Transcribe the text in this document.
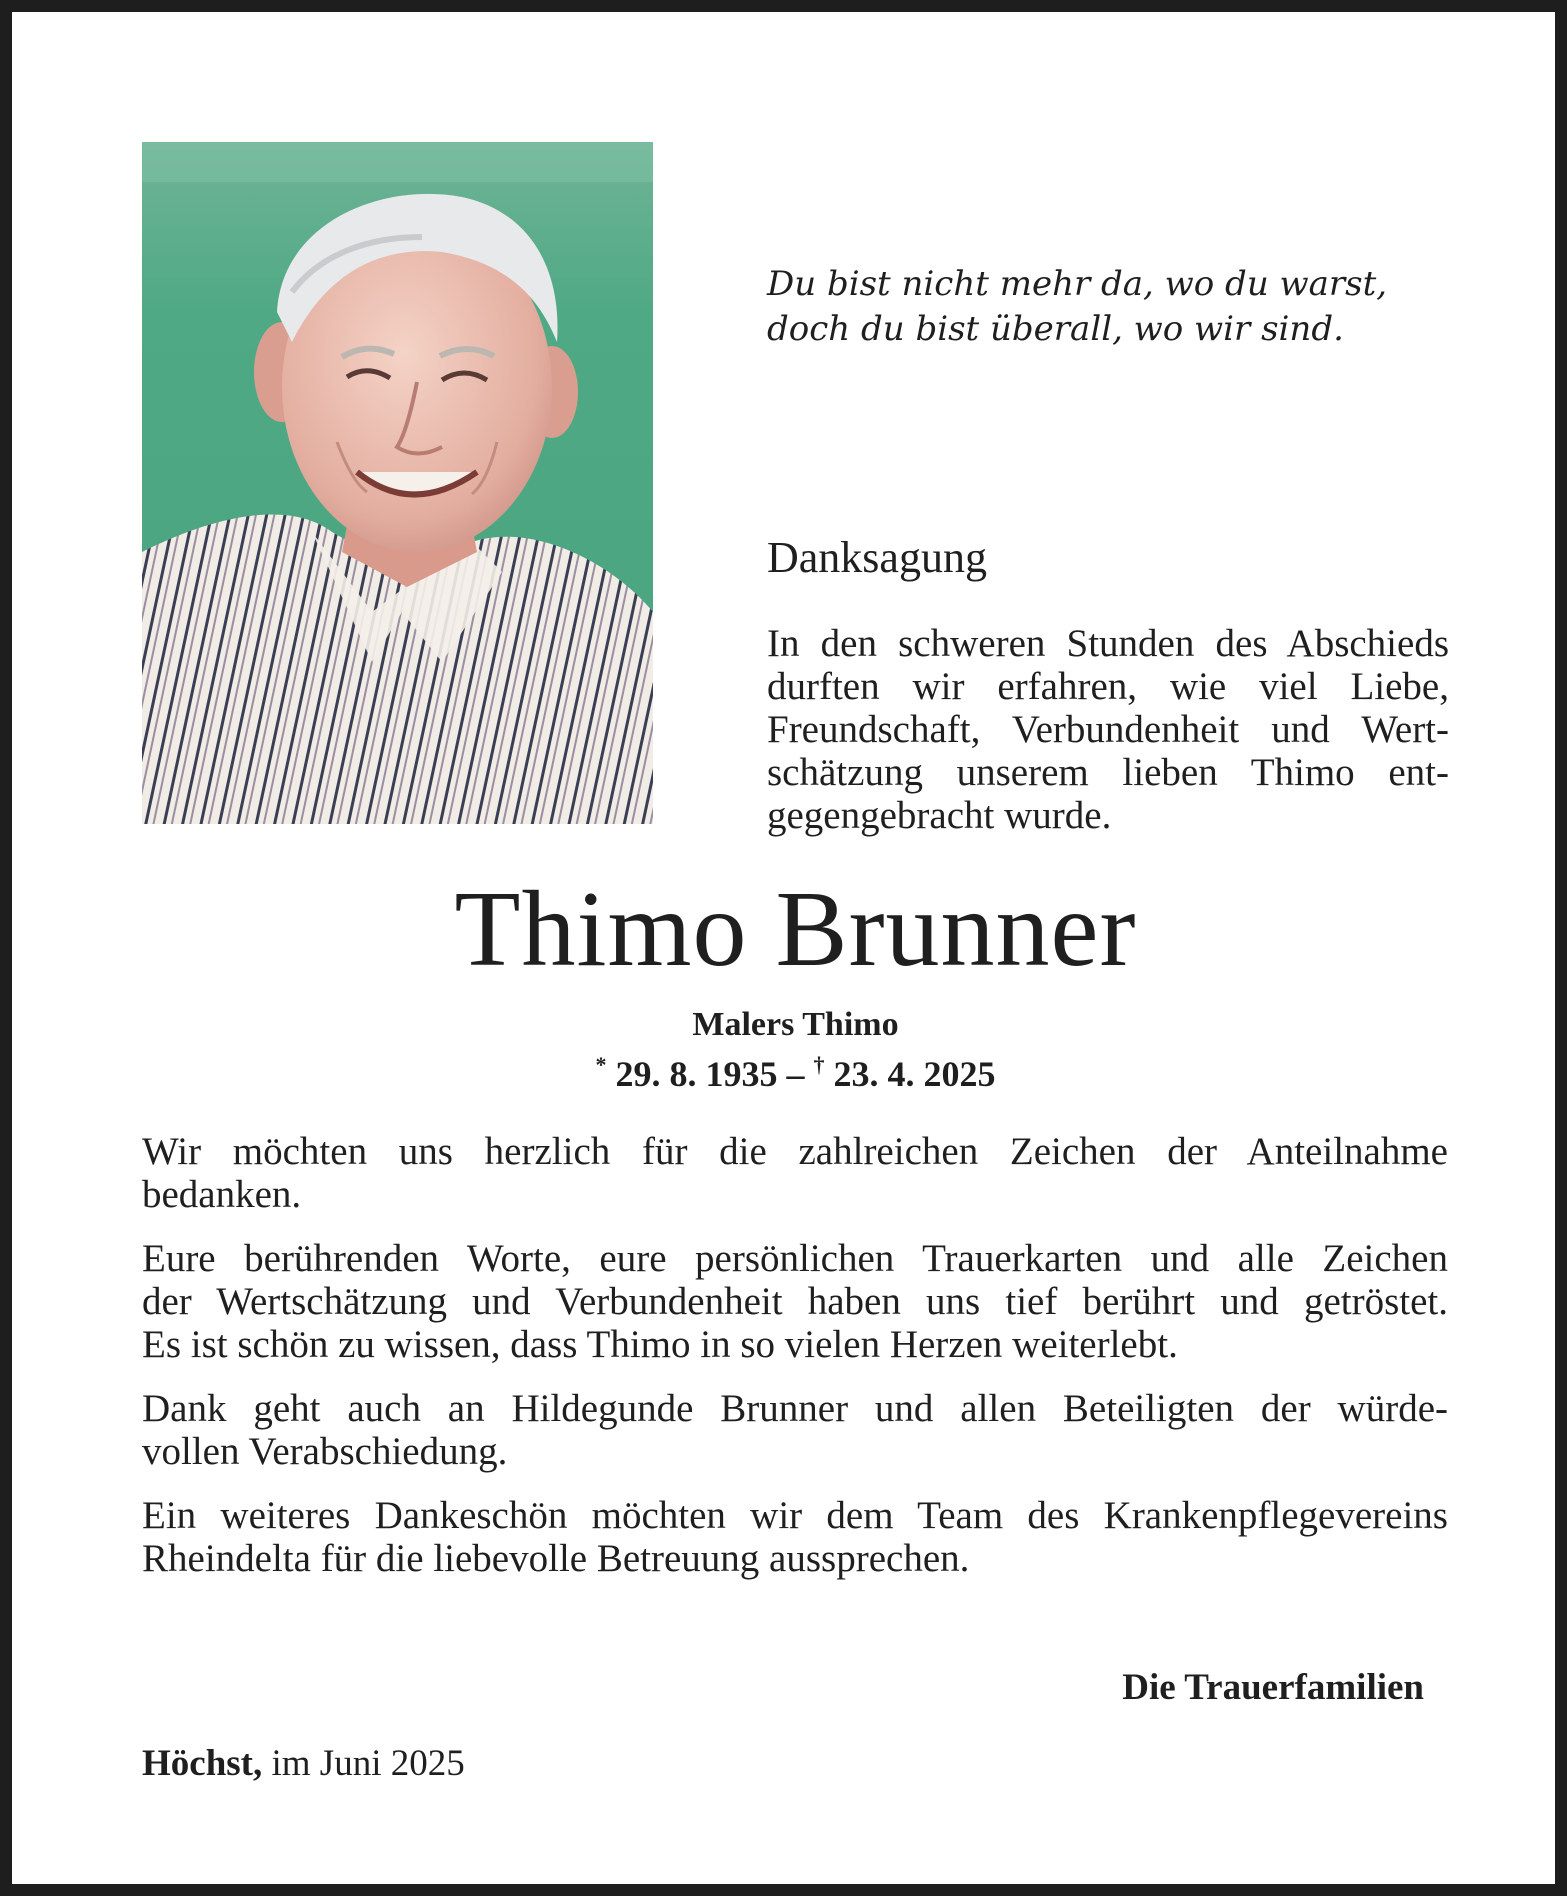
Du bist nicht mehr da, wo du warst,
doch du bist überall, wo wir sind.
Danksagung
In den schweren Stunden des Abschieds
durften wir erfahren, wie viel Liebe,
Freundschaft, Verbundenheit und Wert-
schätzung unserem lieben Thimo ent-
gegengebracht wurde.
Thimo Brunner
Malers Thimo
* 29. 8. 1935 – † 23. 4. 2025

Wir möchten uns herzlich für die zahlreichen Zeichen der Anteilnahme
bedanken.

Eure berührenden Worte, eure persönlichen Trauerkarten und alle Zeichen
der Wertschätzung und Verbundenheit haben uns tief berührt und getröstet.
Es ist schön zu wissen, dass Thimo in so vielen Herzen weiterlebt.

Dank geht auch an Hildegunde Brunner und allen Beteiligten der würde-
vollen Verabschiedung.

Ein weiteres Dankeschön möchten wir dem Team des Krankenpflegevereins
Rheindelta für die liebevolle Betreuung aussprechen.

Die Trauerfamilien
Höchst, im Juni 2025
